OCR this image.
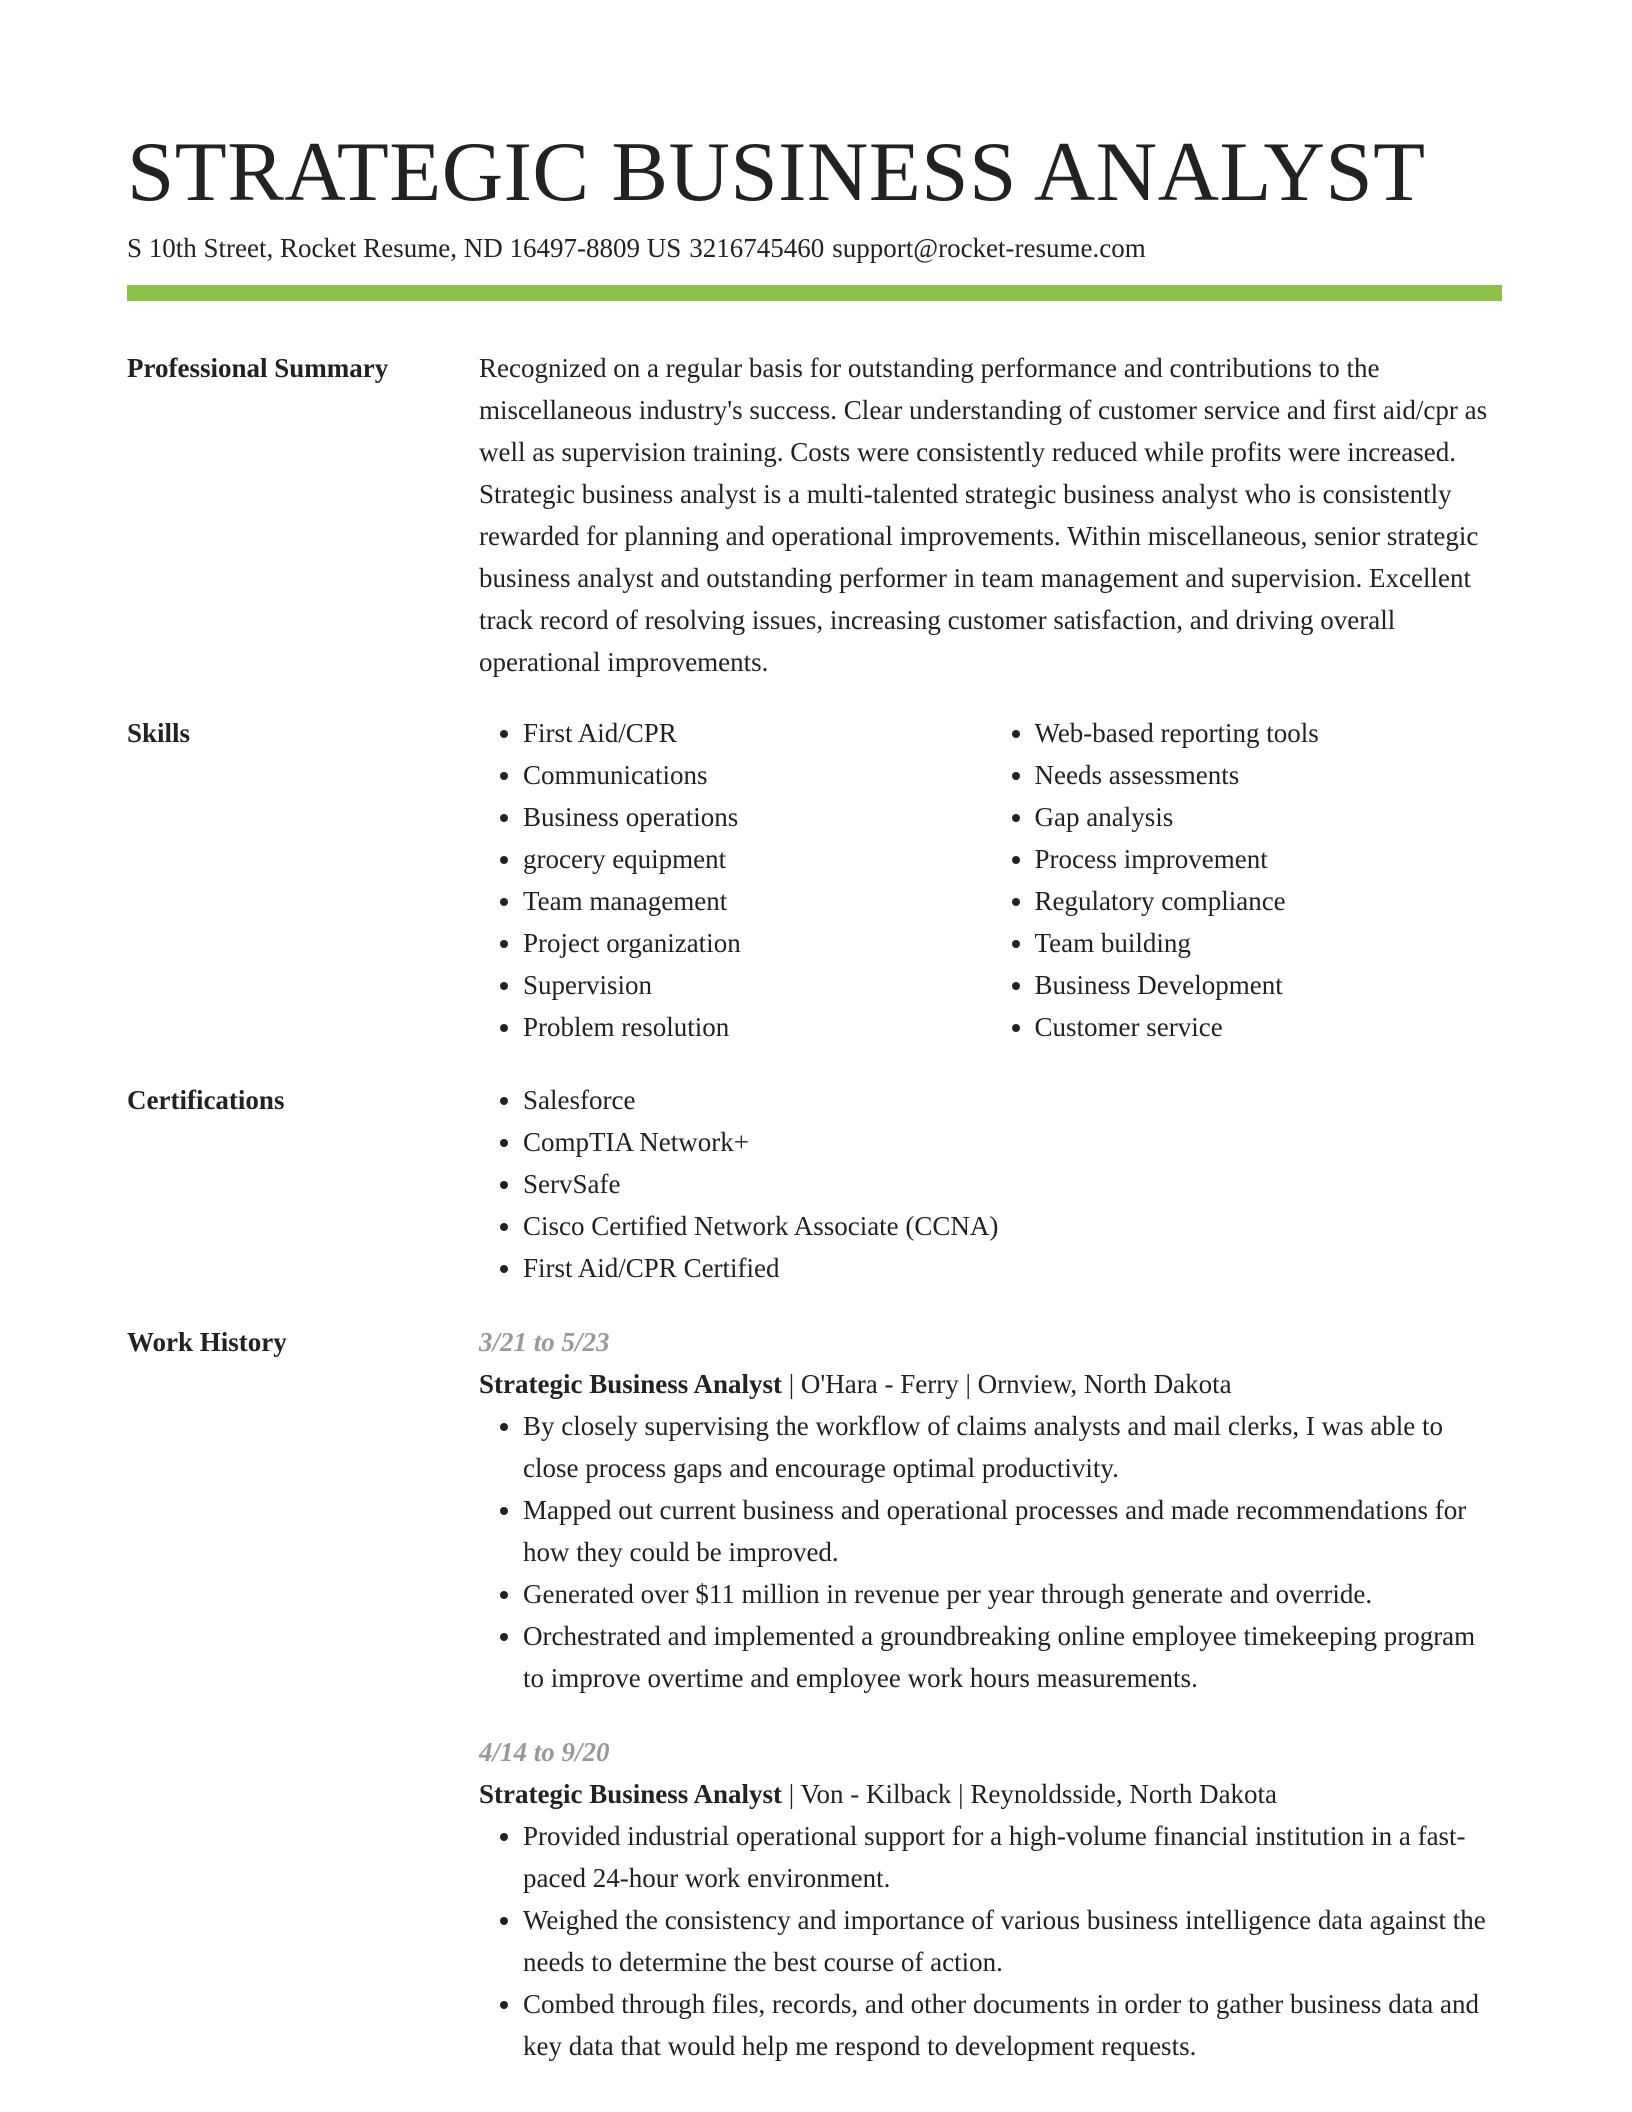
STRATEGIC BUSINESS ANALYST
S 10th Street, Rocket Resume, ND 16497-8809 US 3216745460 support@rocket-resume.com
Professional Summary	Recognized on a regular basis for outstanding performance and contributions to the miscellaneous industry's success. Clear understanding of customer service and first aid/cpr as well as supervision training. Costs were consistently reduced while profits were increased. Strategic business analyst is a multi-talented strategic business analyst who is consistently rewarded for planning and operational improvements. Within miscellaneous, senior strategic business analyst and outstanding performer in team management and supervision. Excellent track record of resolving issues, increasing customer satisfaction, and driving overall operational improvements.

Skills	• First Aid/CPR
• Communications
• Business operations
• grocery equipment
• Team management
• Project organization
• Supervision
• Problem resolution
• Web-based reporting tools
• Needs assessments
• Gap analysis
• Process improvement
• Regulatory compliance
• Team building
• Business Development
• Customer service
Certifications	• Salesforce
• CompTIA Network+
• ServSafe
• Cisco Certified Network Associate (CCNA)
• First Aid/CPR Certified
Work History	3/21 to 5/23
Strategic Business Analyst | O'Hara - Ferry | Ornview, North Dakota
• By closely supervising the workflow of claims analysts and mail clerks, I was able to close process gaps and encourage optimal productivity.
• Mapped out current business and operational processes and made recommendations for how they could be improved.
• Generated over $11 million in revenue per year through generate and override.
• Orchestrated and implemented a groundbreaking online employee timekeeping program to improve overtime and employee work hours measurements.
4/14 to 9/20
Strategic Business Analyst | Von - Kilback | Reynoldsside, North Dakota
• Provided industrial operational support for a high-volume financial institution in a fast-paced 24-hour work environment.
• Weighed the consistency and importance of various business intelligence data against the needs to determine the best course of action.
• Combed through files, records, and other documents in order to gather business data and key data that would help me respond to development requests.
